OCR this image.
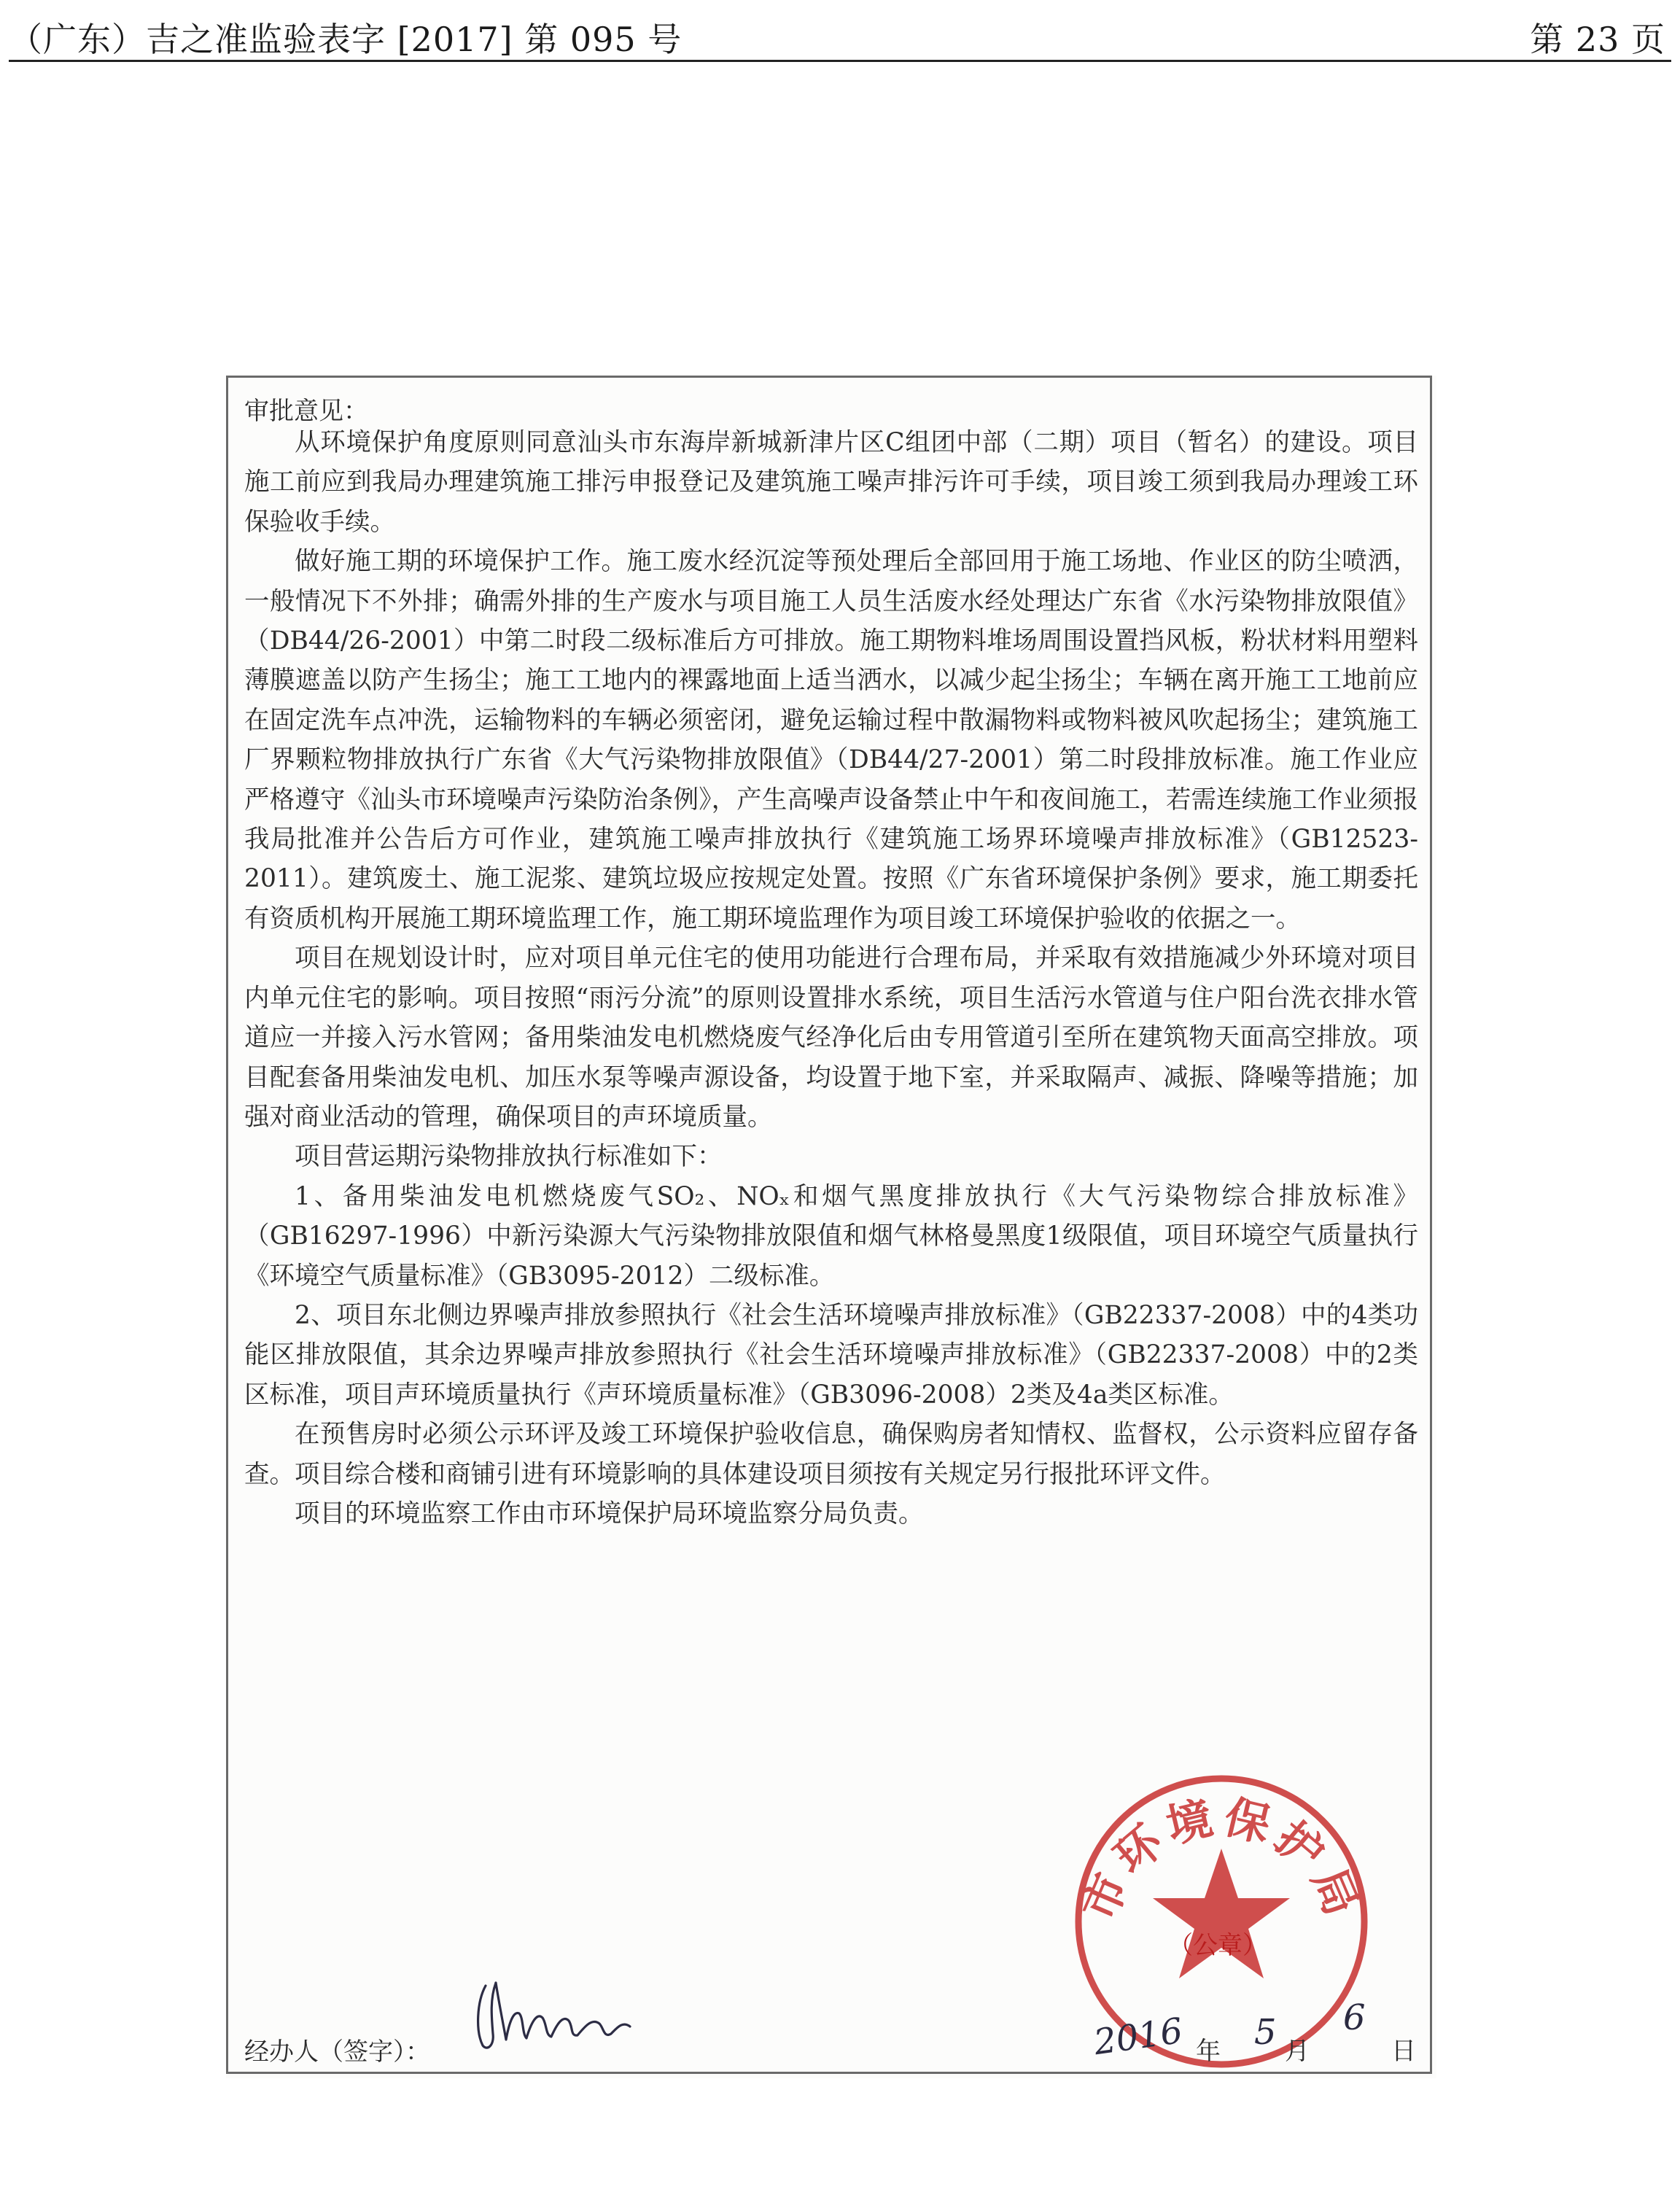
（广东）吉之准监验表字 [2017] 第 095 号	第 23 页
审批意见：

从环境保护角度原则同意汕头市东海岸新城新津片区C组团中部（二期）项目（暂名）的建设。项目施工前应到我局办理建筑施工排污申报登记及建筑施工噪声排污许可手续，项目竣工须到我局办理竣工环保验收手续。

做好施工期的环境保护工作。施工废水经沉淀等预处理后全部回用于施工场地、作业区的防尘喷洒，一般情况下不外排；确需外排的生产废水与项目施工人员生活废水经处理达广东省《水污染物排放限值》（DB44/26-2001）中第二时段二级标准后方可排放。施工期物料堆场周围设置挡风板，粉状材料用塑料薄膜遮盖以防产生扬尘；施工工地内的裸露地面上适当洒水，以减少起尘扬尘；车辆在离开施工工地前应在固定洗车点冲洗，运输物料的车辆必须密闭，避免运输过程中散漏物料或物料被风吹起扬尘；建筑施工厂界颗粒物排放执行广东省《大气污染物排放限值》（DB44/27-2001）第二时段排放标准。施工作业应严格遵守《汕头市环境噪声污染防治条例》，产生高噪声设备禁止中午和夜间施工，若需连续施工作业须报我局批准并公告后方可作业，建筑施工噪声排放执行《建筑施工场界环境噪声排放标准》（GB12523-2011）。建筑废土、施工泥浆、建筑垃圾应按规定处置。按照《广东省环境保护条例》要求，施工期委托有资质机构开展施工期环境监理工作，施工期环境监理作为项目竣工环境保护验收的依据之一。

项目在规划设计时，应对项目单元住宅的使用功能进行合理布局，并采取有效措施减少外环境对项目内单元住宅的影响。项目按照“雨污分流”的原则设置排水系统，项目生活污水管道与住户阳台洗衣排水管道应一并接入污水管网；备用柴油发电机燃烧废气经净化后由专用管道引至所在建筑物天面高空排放。项目配套备用柴油发电机、加压水泵等噪声源设备，均设置于地下室，并采取隔声、减振、降噪等措施；加强对商业活动的管理，确保项目的声环境质量。

项目营运期污染物排放执行标准如下：

1、备用柴油发电机燃烧废气SO₂、NOₓ和烟气黑度排放执行《大气污染物综合排放标准》（GB16297-1996）中新污染源大气污染物排放限值和烟气林格曼黑度1级限值，项目环境空气质量执行《环境空气质量标准》（GB3095-2012）二级标准。

2、项目东北侧边界噪声排放参照执行《社会生活环境噪声排放标准》（GB22337-2008）中的4类功能区排放限值，其余边界噪声排放参照执行《社会生活环境噪声排放标准》（GB22337-2008）中的2类区标准，项目声环境质量执行《声环境质量标准》（GB3096-2008）2类及4a类区标准。

在预售房时必须公示环评及竣工环境保护验收信息，确保购房者知情权、监督权，公示资料应留存备查。项目综合楼和商铺引进有环境影响的具体建设项目须按有关规定另行报批环评文件。

项目的环境监察工作由市环境保护局环境监察分局负责。

经办人（签字）：
市环境保护局
（公章）
2016 年 5 月
6
日
